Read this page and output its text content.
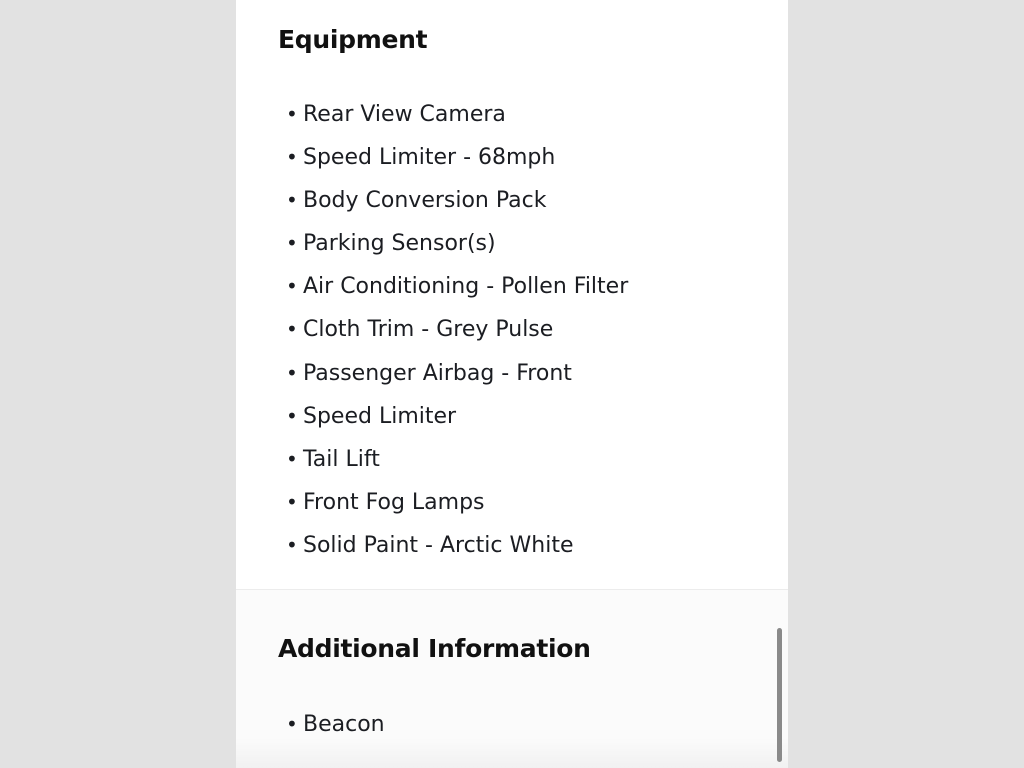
Equipment
• Rear View Camera
• Speed Limiter - 68mph
• Body Conversion Pack
• Parking Sensor(s)
• Air Conditioning - Pollen Filter
• Cloth Trim - Grey Pulse
• Passenger Airbag - Front
• Speed Limiter
• Tail Lift
• Front Fog Lamps
• Solid Paint - Arctic White
Additional Information
• Beacon
